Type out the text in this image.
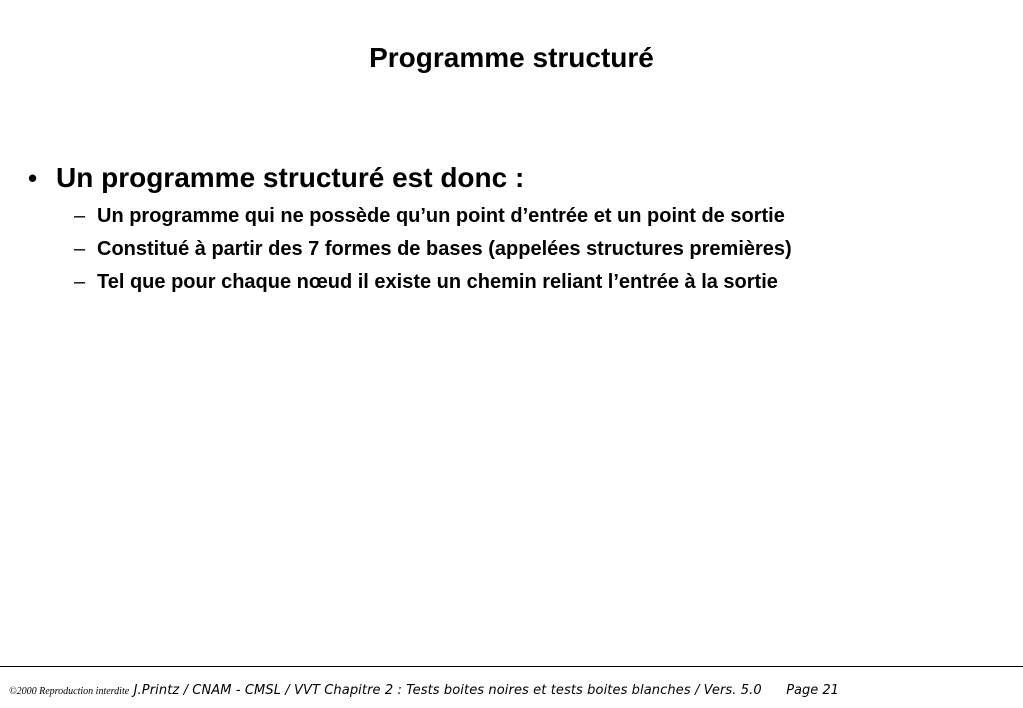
Programme structuré
• Un programme structuré est donc :
– Un programme qui ne possède qu’un point d’entrée et un point de sortie
– Constitué à partir des 7 formes de bases (appelées structures premières)
– Tel que pour chaque nœud il existe un chemin reliant l’entrée à la sortie
©2000 Reproduction interdite J.Printz / CNAM - CMSL / VVT Chapitre 2 : Tests boites noires et tests boites blanches / Vers. 5.0 Page 21
